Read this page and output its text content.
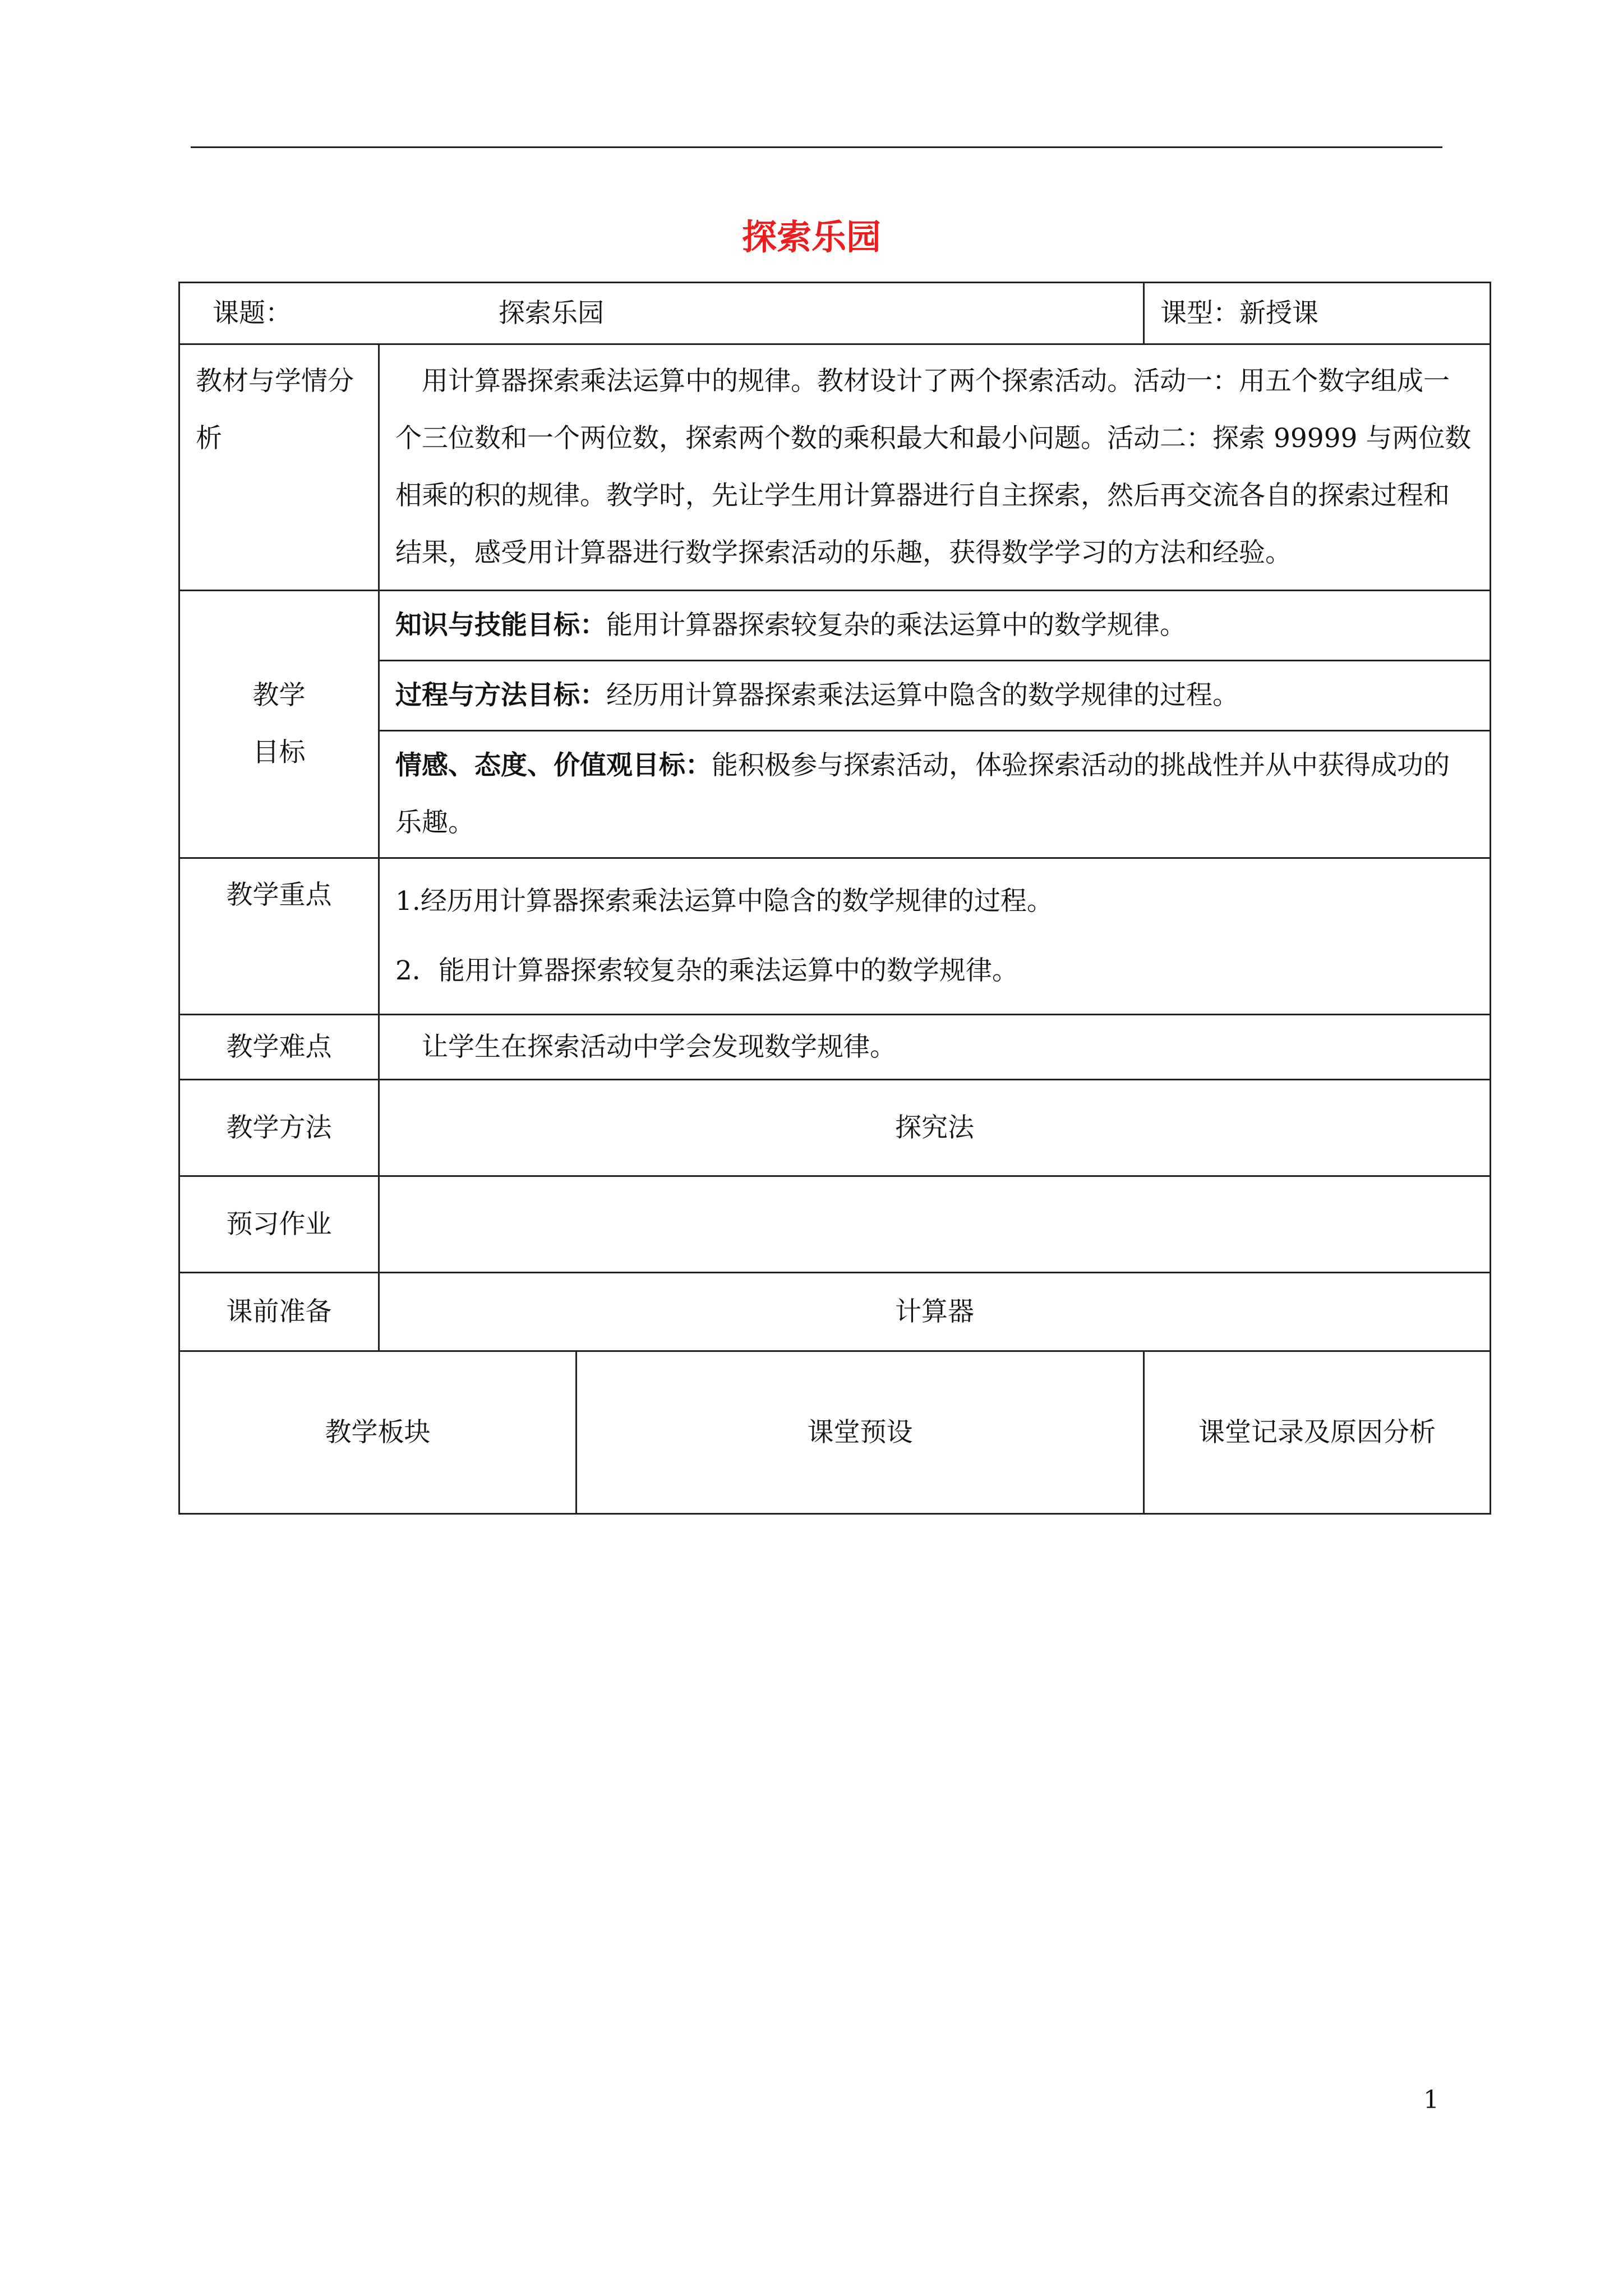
探索乐园
课题： 探索乐园			课型：新授课
教材与学情分析	用计算器探索乘法运算中的规律。教材设计了两个探索活动。活动一：用五个数字组成一个三位数和一个两位数，探索两个数的乘积最大和最小问题。活动二：探索 99999 与两位数相乘的积的规律。教学时，先让学生用计算器进行自主探索，然后再交流各自的探索过程和结果，感受用计算器进行数学探索活动的乐趣，获得数学学习的方法和经验。		

教学
目标	知识与技能目标：能用计算器探索较复杂的乘法运算中的数学规律。		
	过程与方法目标：经历用计算器探索乘法运算中隐含的数学规律的过程。		
	情感、态度、价值观目标：能积极参与探索活动，体验探索活动的挑战性并从中获得成功的乐趣。		
教学重点	1.经历用计算器探索乘法运算中隐含的数学规律的过程。
2．能用计算器探索较复杂的乘法运算中的数学规律。		

教学难点	让学生在探索活动中学会发现数学规律。		
教学方法	探究法		
预习作业			
课前准备	计算器		
教学板块		课堂预设	课堂记录及原因分析
1
